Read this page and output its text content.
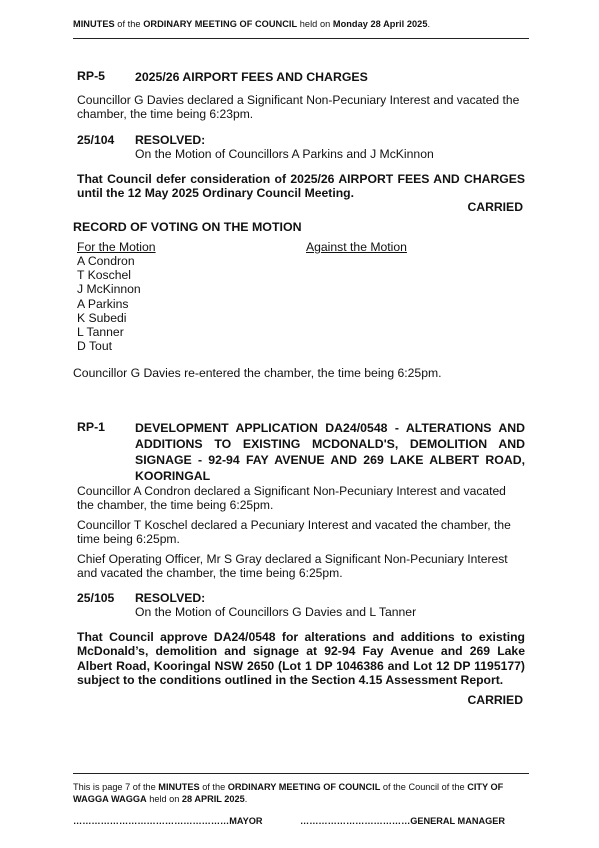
MINUTES of the ORDINARY MEETING OF COUNCIL held on Monday 28 April 2025.
RP-5 2025/26 AIRPORT FEES AND CHARGES
Councillor G Davies declared a Significant Non-Pecuniary Interest and vacated the chamber, the time being 6:23pm.
25/104 RESOLVED:
On the Motion of Councillors A Parkins and J McKinnon
That Council defer consideration of 2025/26 AIRPORT FEES AND CHARGES until the 12 May 2025 Ordinary Council Meeting.
CARRIED
RECORD OF VOTING ON THE MOTION
For the Motion	Against the Motion
A Condron
T Koschel
J McKinnon
A Parkins
K Subedi
L Tanner
D Tout
Councillor G Davies re-entered the chamber, the time being 6:25pm.
RP-1 DEVELOPMENT APPLICATION DA24/0548 - ALTERATIONS AND ADDITIONS TO EXISTING MCDONALD'S, DEMOLITION AND SIGNAGE - 92-94 FAY AVENUE AND 269 LAKE ALBERT ROAD, KOORINGAL
Councillor A Condron declared a Significant Non-Pecuniary Interest and vacated the chamber, the time being 6:25pm.
Councillor T Koschel declared a Pecuniary Interest and vacated the chamber, the time being 6:25pm.
Chief Operating Officer, Mr S Gray declared a Significant Non-Pecuniary Interest and vacated the chamber, the time being 6:25pm.
25/105 RESOLVED:
On the Motion of Councillors G Davies and L Tanner
That Council approve DA24/0548 for alterations and additions to existing McDonald’s, demolition and signage at 92-94 Fay Avenue and 269 Lake Albert Road, Kooringal NSW 2650 (Lot 1 DP 1046386 and Lot 12 DP 1195177) subject to the conditions outlined in the Section 4.15 Assessment Report.
CARRIED
This is page 7 of the MINUTES of the ORDINARY MEETING OF COUNCIL of the Council of the CITY OF WAGGA WAGGA held on 28 APRIL 2025.
……………………………………………MAYOR	………………………………GENERAL MANAGER
